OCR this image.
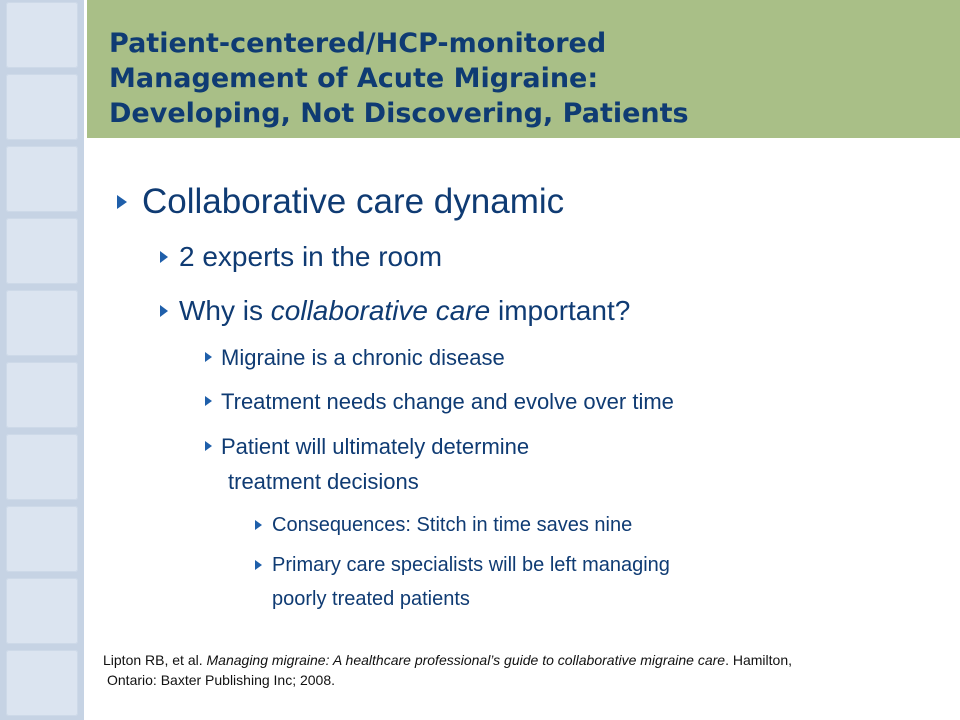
Patient-centered/HCP-monitored
Management of Acute Migraine:
Developing, Not Discovering, Patients
Collaborative care dynamic
2 experts in the room
Why is collaborative care important?
Migraine is a chronic disease
Treatment needs change and evolve over time
Patient will ultimately determine
treatment decisions
Consequences: Stitch in time saves nine
Primary care specialists will be left managing
poorly treated patients
Lipton RB, et al. Managing migraine: A healthcare professional’s guide to collaborative migraine care. Hamilton,
Ontario: Baxter Publishing Inc; 2008.
